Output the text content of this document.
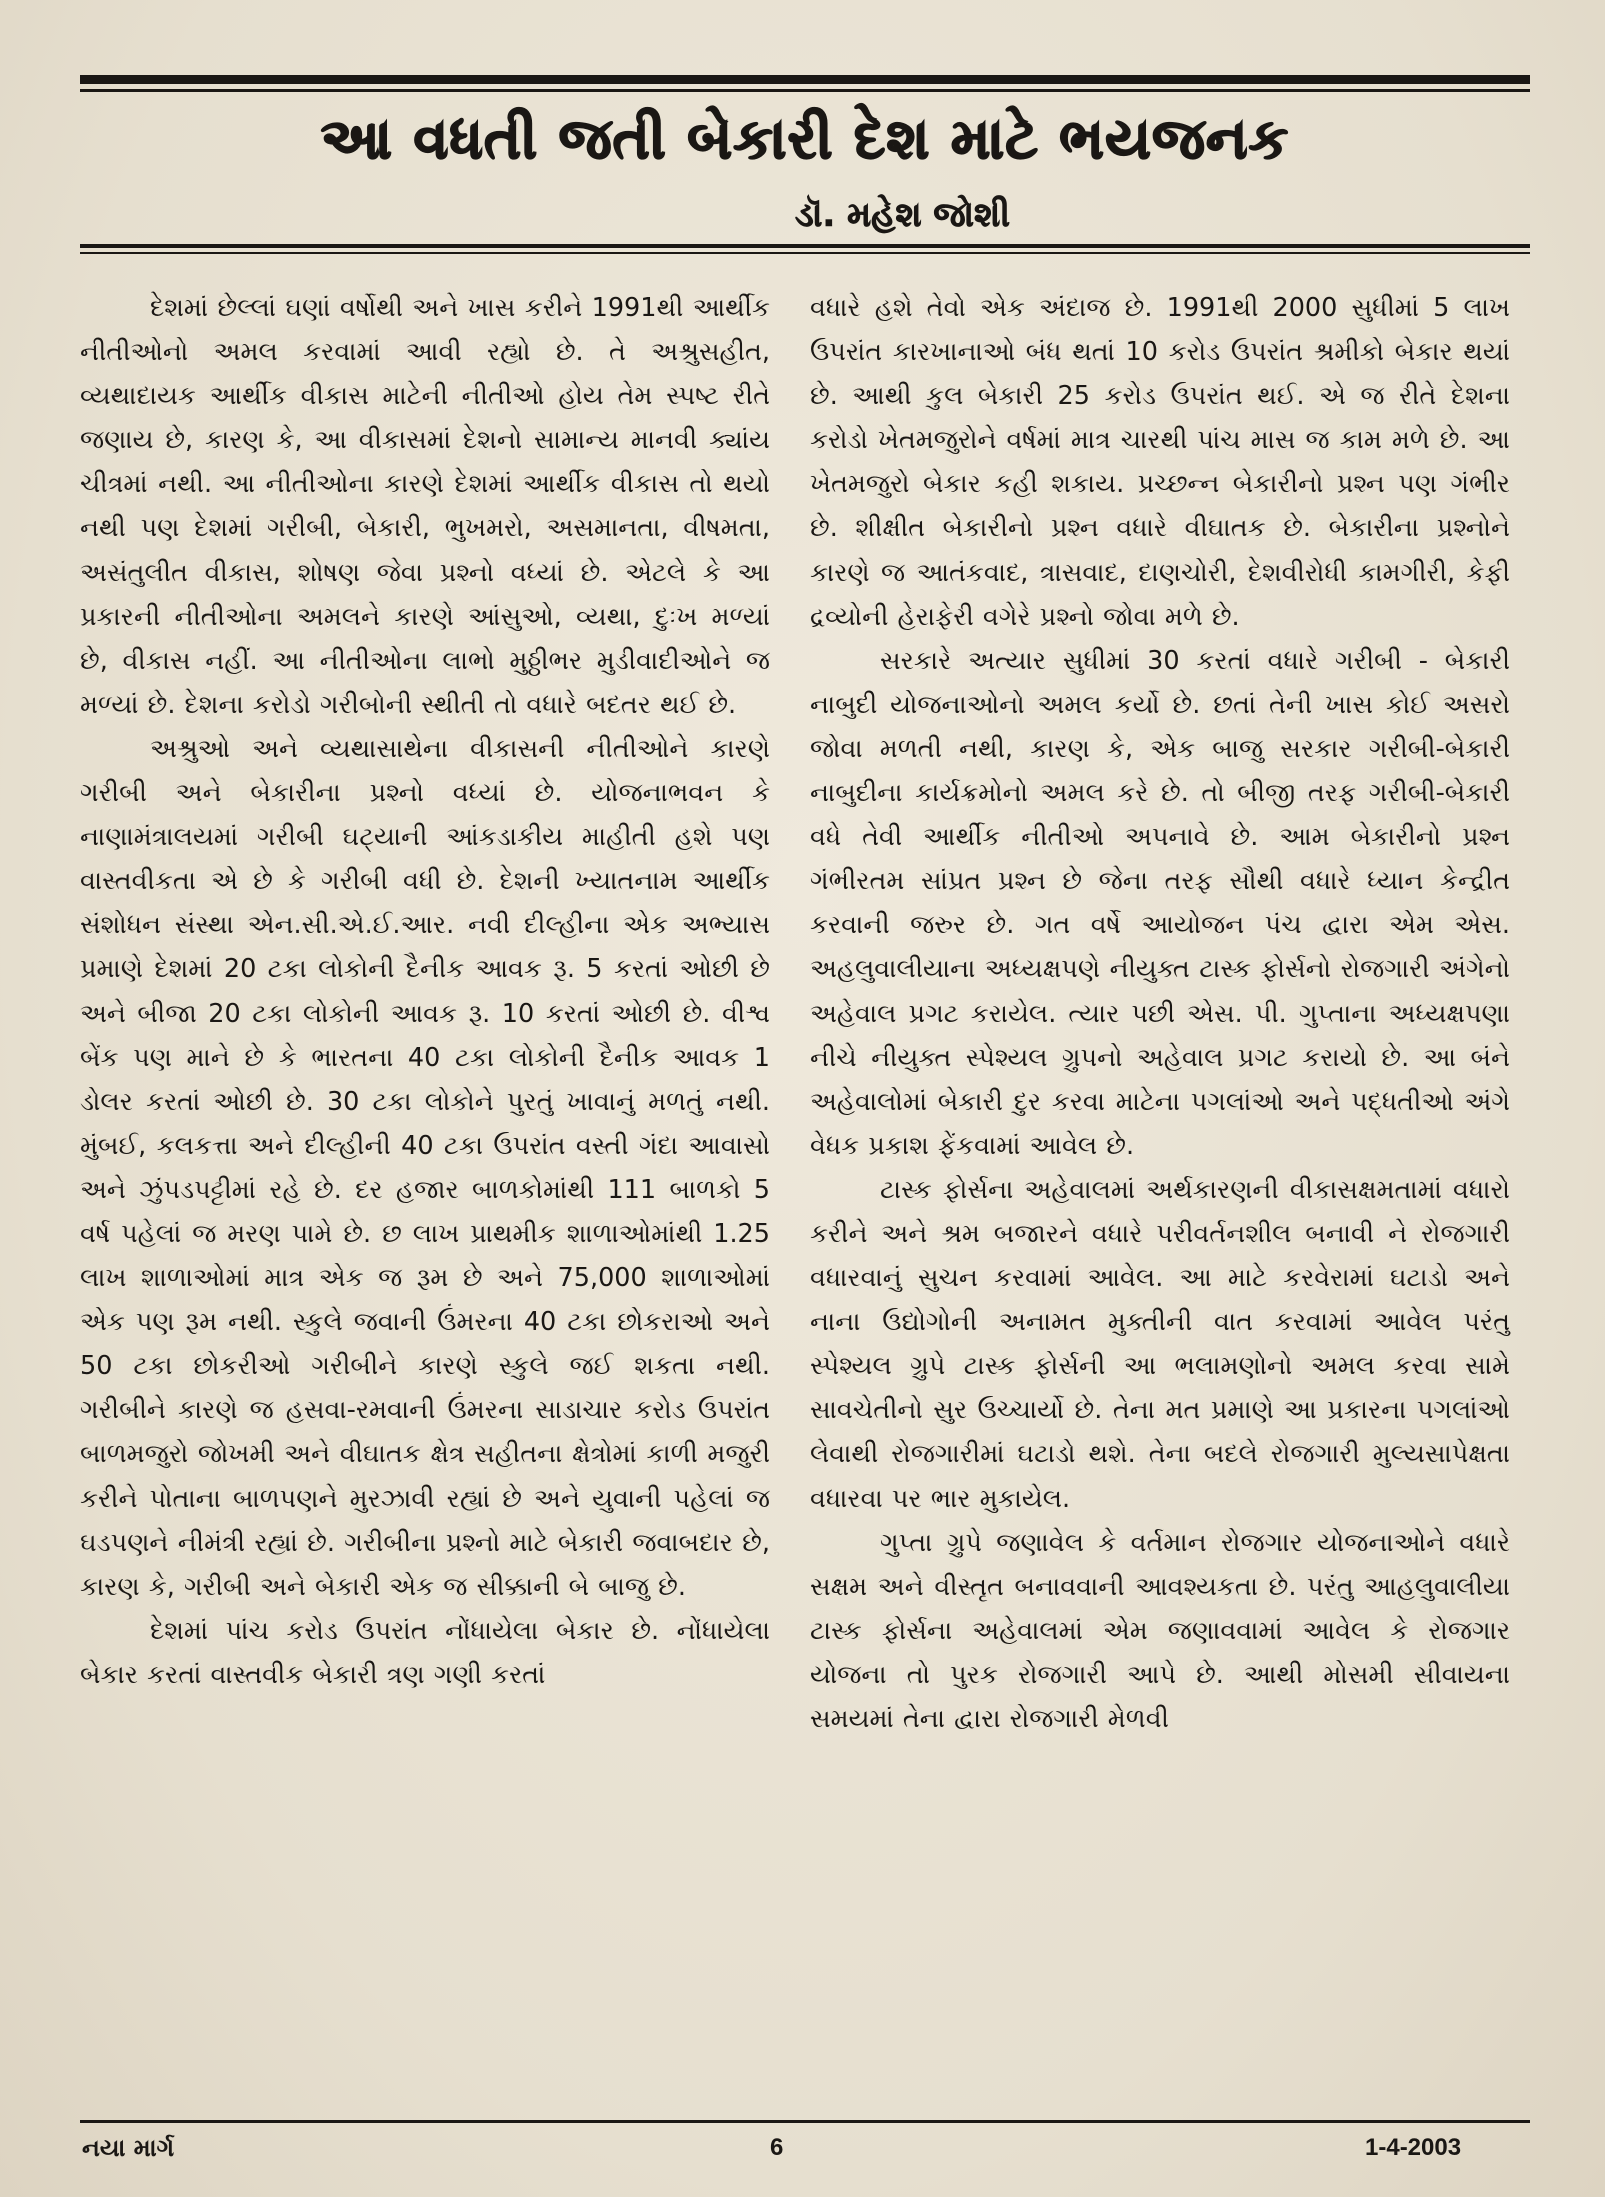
આ વધતી જતી બેકારી દેશ માટે ભયજનક
ડૉ. મહેશ જોશી

દેશમાં છેલ્લાં ઘણાં વર્ષોથી અને ખાસ કરીને 1991થી આર્થીક નીતીઓનો અમલ કરવામાં આવી રહ્યો છે. તે અશ્રુસહીત, વ્યથાદાયક આર્થીક વીકાસ માટેની નીતીઓ હોય તેમ સ્પષ્ટ રીતે જણાય છે, કારણ કે, આ વીકાસમાં દેશનો સામાન્ય માનવી ક્યાંય ચીત્રમાં નથી. આ નીતીઓના કારણે દેશમાં આર્થીક વીકાસ તો થયો નથી પણ દેશમાં ગરીબી, બેકારી, ભુખમરો, અસમાનતા, વીષમતા, અસંતુલીત વીકાસ, શોષણ જેવા પ્રશ્નો વધ્યાં છે. એટલે કે આ પ્રકારની નીતીઓના અમલને કારણે આંસુઓ, વ્યથા, દુઃખ મળ્યાં છે, વીકાસ નહીં. આ નીતીઓના લાભો મુઠ્ઠીભર મુડીવાદીઓને જ મળ્યાં છે. દેશના કરોડો ગરીબોની સ્થીતી તો વધારે બદતર થઈ છે.

અશ્રુઓ અને વ્યથાસાથેના વીકાસની નીતીઓને કારણે ગરીબી અને બેકારીના પ્રશ્નો વધ્યાં છે. યોજનાભવન કે નાણામંત્રાલયમાં ગરીબી ઘટ્યાની આંકડાકીય માહીતી હશે પણ વાસ્તવીકતા એ છે કે ગરીબી વધી છે. દેશની ખ્યાતનામ આર્થીક સંશોધન સંસ્થા એન.સી.એ.ઈ.આર. નવી દીલ્હીના એક અભ્યાસ પ્રમાણે દેશમાં 20 ટકા લોકોની દૈનીક આવક રૂ. 5 કરતાં ઓછી છે અને બીજા 20 ટકા લોકોની આવક રૂ. 10 કરતાં ઓછી છે. વીશ્વ બેંક પણ માને છે કે ભારતના 40 ટકા લોકોની દૈનીક આવક 1 ડોલર કરતાં ઓછી છે. 30 ટકા લોકોને પુરતું ખાવાનું મળતું નથી. મુંબઈ, કલકત્તા અને દીલ્હીની 40 ટકા ઉપરાંત વસ્તી ગંદા આવાસો અને ઝુંપડપટ્ટીમાં રહે છે. દર હજાર બાળકોમાંથી 111 બાળકો 5 વર્ષ પહેલાં જ મરણ પામે છે. છ લાખ પ્રાથમીક શાળાઓમાંથી 1.25 લાખ શાળાઓમાં માત્ર એક જ રૂમ છે અને 75,000 શાળાઓમાં એક પણ રૂમ નથી. સ્કુલે જવાની ઉંમરના 40 ટકા છોકરાઓ અને 50 ટકા છોકરીઓ ગરીબીને કારણે સ્કુલે જઈ શકતા નથી. ગરીબીને કારણે જ હસવા-રમવાની ઉંમરના સાડાચાર કરોડ ઉપરાંત બાળમજુરો જોખમી અને વીઘાતક ક્ષેત્ર સહીતના ક્ષેત્રોમાં કાળી મજુરી કરીને પોતાના બાળપણને મુરઝાવી રહ્યાં છે અને યુવાની પહેલાં જ ઘડપણને નીમંત્રી રહ્યાં છે. ગરીબીના પ્રશ્નો માટે બેકારી જવાબદાર છે, કારણ કે, ગરીબી અને બેકારી એક જ સીક્કાની બે બાજુ છે.

દેશમાં પાંચ કરોડ ઉપરાંત નોંધાયેલા બેકાર છે. નોંધાયેલા બેકાર કરતાં વાસ્તવીક બેકારી ત્રણ ગણી કરતાં

વધારે હશે તેવો એક અંદાજ છે. 1991થી 2000 સુધીમાં 5 લાખ ઉપરાંત કારખાનાઓ બંધ થતાં 10 કરોડ ઉપરાંત શ્રમીકો બેકાર થયાં છે. આથી કુલ બેકારી 25 કરોડ ઉપરાંત થઈ. એ જ રીતે દેશના કરોડો ખેતમજુરોને વર્ષમાં માત્ર ચારથી પાંચ માસ જ કામ મળે છે. આ ખેતમજુરો બેકાર કહી શકાય. પ્રચ્છન્ન બેકારીનો પ્રશ્ન પણ ગંભીર છે. શીક્ષીત બેકારીનો પ્રશ્ન વધારે વીઘાતક છે. બેકારીના પ્રશ્નોને કારણે જ આતંકવાદ, ત્રાસવાદ, દાણચોરી, દેશવીરોધી કામગીરી, કેફી દ્રવ્યોની હેરાફેરી વગેરે પ્રશ્નો જોવા મળે છે.

સરકારે અત્યાર સુધીમાં 30 કરતાં વધારે ગરીબી - બેકારી નાબુદી યોજનાઓનો અમલ કર્યો છે. છતાં તેની ખાસ કોઈ અસરો જોવા મળતી નથી, કારણ કે, એક બાજુ સરકાર ગરીબી-બેકારી નાબુદીના કાર્યક્રમોનો અમલ કરે છે. તો બીજી તરફ ગરીબી-બેકારી વધે તેવી આર્થીક નીતીઓ અપનાવે છે. આમ બેકારીનો પ્રશ્ન ગંભીરતમ સાંપ્રત પ્રશ્ન છે જેના તરફ સૌથી વધારે ધ્યાન કેન્દ્રીત કરવાની જરુર છે. ગત વર્ષે આયોજન પંચ દ્વારા એમ એસ. અહલુવાલીયાના અધ્યક્ષપણે નીયુક્ત ટાસ્ક ફોર્સનો રોજગારી અંગેનો અહેવાલ પ્રગટ કરાયેલ. ત્યાર પછી એસ. પી. ગુપ્તાના અધ્યક્ષપણા નીચે નીયુક્ત સ્પેશ્યલ ગ્રુપનો અહેવાલ પ્રગટ કરાયો છે. આ બંને અહેવાલોમાં બેકારી દુર કરવા માટેના પગલાંઓ અને પદ્ધતીઓ અંગે વેધક પ્રકાશ ફેંકવામાં આવેલ છે.

ટાસ્ક ફોર્સના અહેવાલમાં અર્થકારણની વીકાસક્ષમતામાં વધારો કરીને અને શ્રમ બજારને વધારે પરીવર્તનશીલ બનાવી ને રોજગારી વધારવાનું સુચન કરવામાં આવેલ. આ માટે કરવેરામાં ઘટાડો અને નાના ઉદ્યોગોની અનામત મુક્તીની વાત કરવામાં આવેલ પરંતુ સ્પેશ્યલ ગ્રુપે ટાસ્ક ફોર્સની આ ભલામણોનો અમલ કરવા સામે સાવચેતીનો સુર ઉચ્ચાર્યો છે. તેના મત પ્રમાણે આ પ્રકારના પગલાંઓ લેવાથી રોજગારીમાં ઘટાડો થશે. તેના બદલે રોજગારી મુલ્યસાપેક્ષતા વધારવા પર ભાર મુકાયેલ.

ગુપ્તા ગ્રુપે જણાવેલ કે વર્તમાન રોજગાર યોજનાઓને વધારે સક્ષમ અને વીસ્તૃત બનાવવાની આવશ્યકતા છે. પરંતુ આહલુવાલીયા ટાસ્ક ફોર્સના અહેવાલમાં એમ જણાવવામાં આવેલ કે રોજગાર યોજના તો પુરક રોજગારી આપે છે. આથી મોસમી સીવાયના સમયમાં તેના દ્વારા રોજગારી મેળવી

નયા માર્ગ	6	1-4-2003
